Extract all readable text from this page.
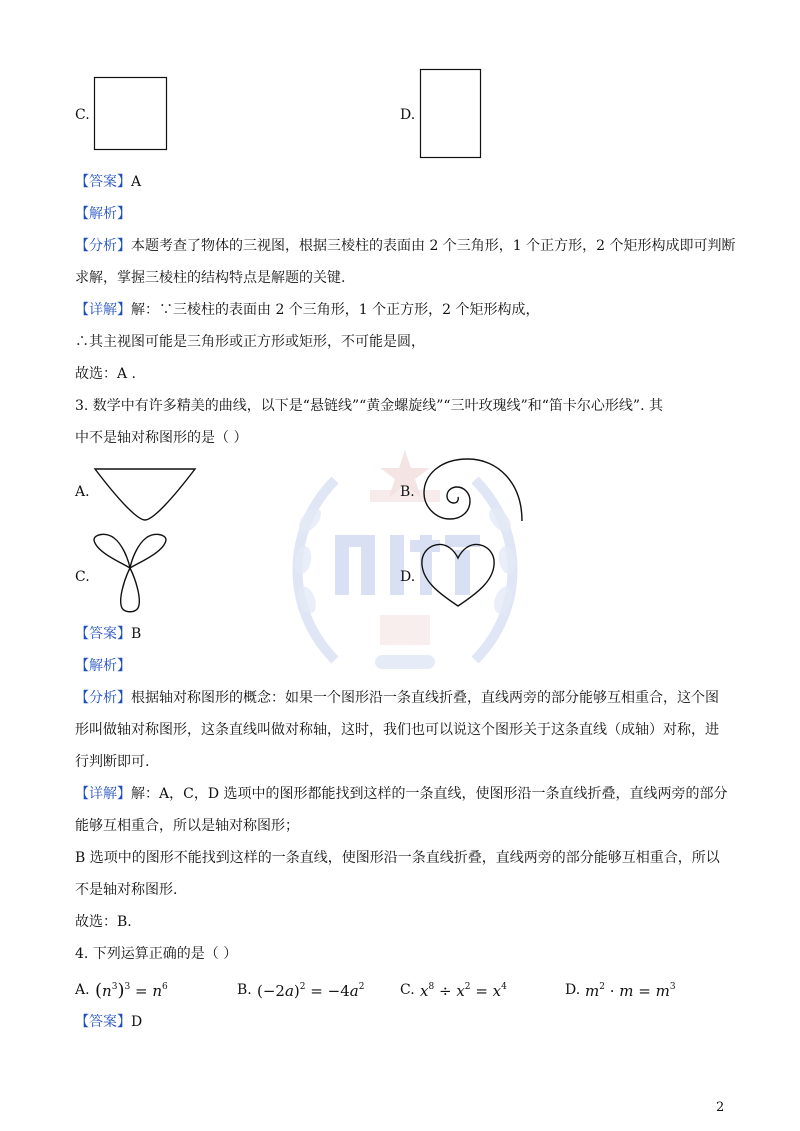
C.	D.
【答案】A
【解析】
【分析】本题考查了物体的三视图，根据三棱柱的表面由 2 个三角形，1 个正方形，2 个矩形构成即可判断
求解，掌握三棱柱的结构特点是解题的关键.
【详解】解：∵三棱柱的表面由 2 个三角形，1 个正方形，2 个矩形构成，
∴其主视图可能是三角形或正方形或矩形，不可能是圆，
故选：A .
3. 数学中有许多精美的曲线，以下是“悬链线”“黄金螺旋线”“三叶玫瑰线”和“笛卡尔心形线”. 其
中不是轴对称图形的是（ ）
A.	B.
C.	D.
【答案】B
【解析】
【分析】根据轴对称图形的概念：如果一个图形沿一条直线折叠，直线两旁的部分能够互相重合，这个图
形叫做轴对称图形，这条直线叫做对称轴，这时，我们也可以说这个图形关于这条直线（成轴）对称，进
行判断即可.
【详解】解：A，C，D 选项中的图形都能找到这样的一条直线，使图形沿一条直线折叠，直线两旁的部分
能够互相重合，所以是轴对称图形；
B 选项中的图形不能找到这样的一条直线，使图形沿一条直线折叠，直线两旁的部分能够互相重合，所以
不是轴对称图形.
故选：B.
4. 下列运算正确的是（ ）
A. $(n^3)^3 = n^6$	B. $(-2a)^2 = -4a^2$	C. $x^8 \div x^2 = x^4$	D. $m^2 \cdot m = m^3$
【答案】D
2
